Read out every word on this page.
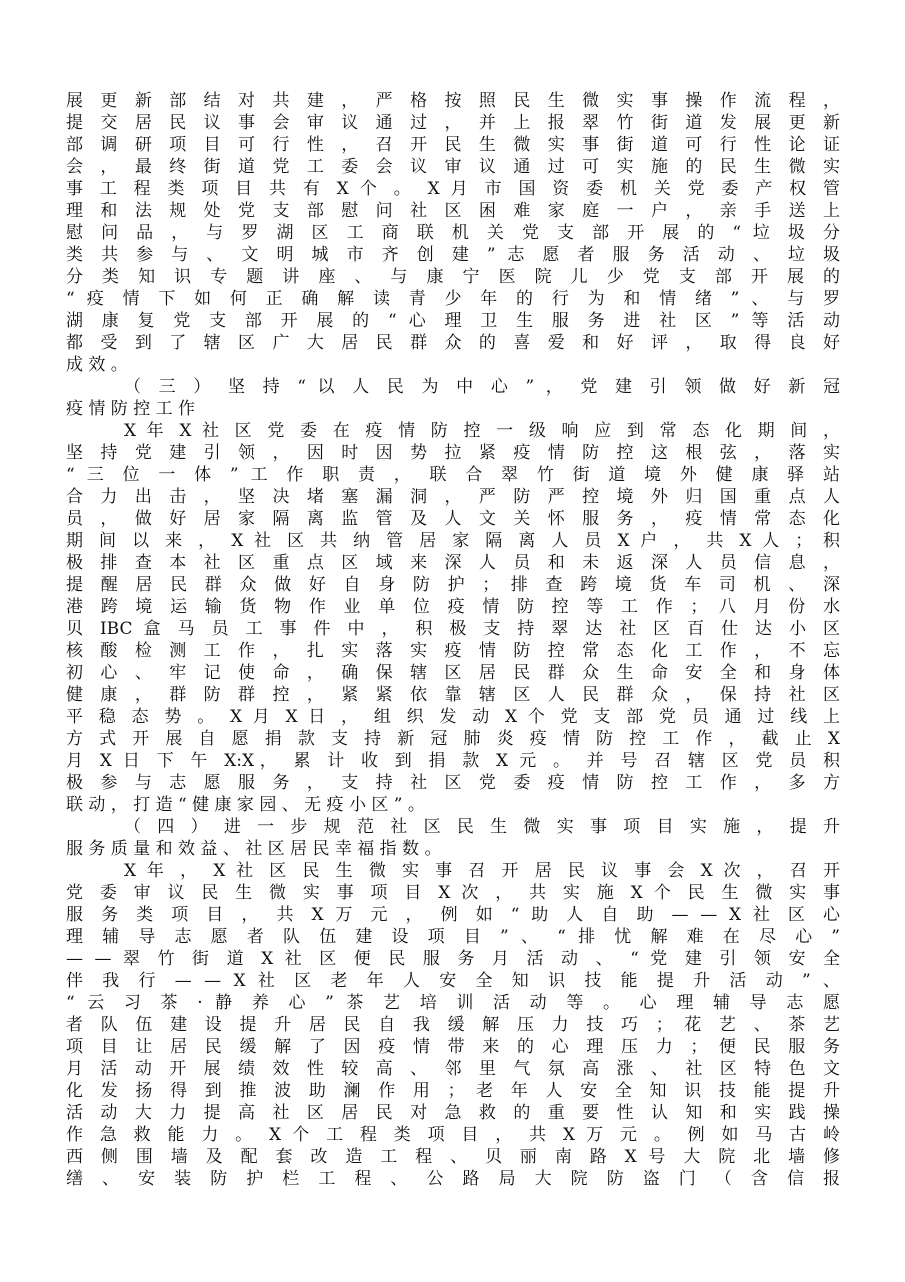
展 更 新 部 结 对 共 建 ， 严 格 按 照 民 生 微 实 事 操 作 流 程 ，
提 交 居 民 议 事 会 审 议 通 过 ， 并 上 报 翠 竹 街 道 发 展 更 新
部 调 研 项 目 可 行 性 ， 召 开 民 生 微 实 事 街 道 可 行 性 论 证
会 ， 最 终 街 道 党 工 委 会 议 审 议 通 过 可 实 施 的 民 生 微 实
事 工 程 类 项 目 共 有 X 个 。 X 月 市 国 资 委 机 关 党 委 产 权 管
理 和 法 规 处 党 支 部 慰 问 社 区 困 难 家 庭 一 户 ， 亲 手 送 上
慰 问 品 ， 与 罗 湖 区 工 商 联 机 关 党 支 部 开 展 的 “ 垃 圾 分
类 共 参 与 、 文 明 城 市 齐 创 建 ” 志 愿 者 服 务 活 动 、 垃 圾
分 类 知 识 专 题 讲 座 、 与 康 宁 医 院 儿 少 党 支 部 开 展 的
“ 疫 情 下 如 何 正 确 解 读 青 少 年 的 行 为 和 情 绪 ” 、 与 罗
湖 康 复 党 支 部 开 展 的 “ 心 理 卫 生 服 务 进 社 区 ” 等 活 动
都 受 到 了 辖 区 广 大 居 民 群 众 的 喜 爱 和 好 评 ， 取 得 良 好
成 效 。
（ 三 ） 坚 持 “ 以 人 民 为 中 心 ” ， 党 建 引 领 做 好 新 冠
疫 情 防 控 工 作
X 年 X 社 区 党 委 在 疫 情 防 控 一 级 响 应 到 常 态 化 期 间 ，
坚 持 党 建 引 领 ， 因 时 因 势 拉 紧 疫 情 防 控 这 根 弦 ， 落 实
“ 三 位 一 体 ” 工 作 职 责 ， 联 合 翠 竹 街 道 境 外 健 康 驿 站
合 力 出 击 ， 坚 决 堵 塞 漏 洞 ， 严 防 严 控 境 外 归 国 重 点 人
员 ， 做 好 居 家 隔 离 监 管 及 人 文 关 怀 服 务 ， 疫 情 常 态 化
期 间 以 来 ， X 社 区 共 纳 管 居 家 隔 离 人 员 X 户 ， 共 X 人 ； 积
极 排 查 本 社 区 重 点 区 域 来 深 人 员 和 未 返 深 人 员 信 息 ，
提 醒 居 民 群 众 做 好 自 身 防 护 ； 排 查 跨 境 货 车 司 机 、 深
港 跨 境 运 输 货 物 作 业 单 位 疫 情 防 控 等 工 作 ； 八 月 份 水
贝 IBC 盒 马 员 工 事 件 中 ， 积 极 支 持 翠 达 社 区 百 仕 达 小 区
核 酸 检 测 工 作 ， 扎 实 落 实 疫 情 防 控 常 态 化 工 作 ， 不 忘
初 心 、 牢 记 使 命 ， 确 保 辖 区 居 民 群 众 生 命 安 全 和 身 体
健 康 ， 群 防 群 控 ， 紧 紧 依 靠 辖 区 人 民 群 众 ， 保 持 社 区
平 稳 态 势 。 X 月 X 日 ， 组 织 发 动 X 个 党 支 部 党 员 通 过 线 上
方 式 开 展 自 愿 捐 款 支 持 新 冠 肺 炎 疫 情 防 控 工 作 ， 截 止 X
月 X 日 下 午 X:X， 累 计 收 到 捐 款 X 元 。 并 号 召 辖 区 党 员 积
极 参 与 志 愿 服 务 ， 支 持 社 区 党 委 疫 情 防 控 工 作 ， 多 方
联 动 ， 打 造 “ 健 康 家 园 、 无 疫 小 区 ” 。
（ 四 ） 进 一 步 规 范 社 区 民 生 微 实 事 项 目 实 施 ， 提 升
服 务 质 量 和 效 益 、 社 区 居 民 幸 福 指 数 。
X 年 ， X 社 区 民 生 微 实 事 召 开 居 民 议 事 会 X 次 ， 召 开
党 委 审 议 民 生 微 实 事 项 目 X 次 ， 共 实 施 X 个 民 生 微 实 事
服 务 类 项 目 ， 共 X 万 元 ， 例 如 “ 助 人 自 助 — — X 社 区 心
理 辅 导 志 愿 者 队 伍 建 设 项 目 ” 、 “ 排 忧 解 难 在 尽 心 ”
— — 翠 竹 街 道 X 社 区 便 民 服 务 月 活 动 、 “ 党 建 引 领 安 全
伴 我 行 — — X 社 区 老 年 人 安 全 知 识 技 能 提 升 活 动 ” 、
“ 云 习 茶 · 静 养 心 ” 茶 艺 培 训 活 动 等 。 心 理 辅 导 志 愿
者 队 伍 建 设 提 升 居 民 自 我 缓 解 压 力 技 巧 ； 花 艺 、 茶 艺
项 目 让 居 民 缓 解 了 因 疫 情 带 来 的 心 理 压 力 ； 便 民 服 务
月 活 动 开 展 绩 效 性 较 高 、 邻 里 气 氛 高 涨 、 社 区 特 色 文
化 发 扬 得 到 推 波 助 澜 作 用 ； 老 年 人 安 全 知 识 技 能 提 升
活 动 大 力 提 高 社 区 居 民 对 急 救 的 重 要 性 认 知 和 实 践 操
作 急 救 能 力 。 X 个 工 程 类 项 目 ， 共 X 万 元 。 例 如 马 古 岭
西 侧 围 墙 及 配 套 改 造 工 程 、 贝 丽 南 路 X 号 大 院 北 墙 修
缮 、 安 装 防 护 栏 工 程 、 公 路 局 大 院 防 盗 门 （ 含 信 报
